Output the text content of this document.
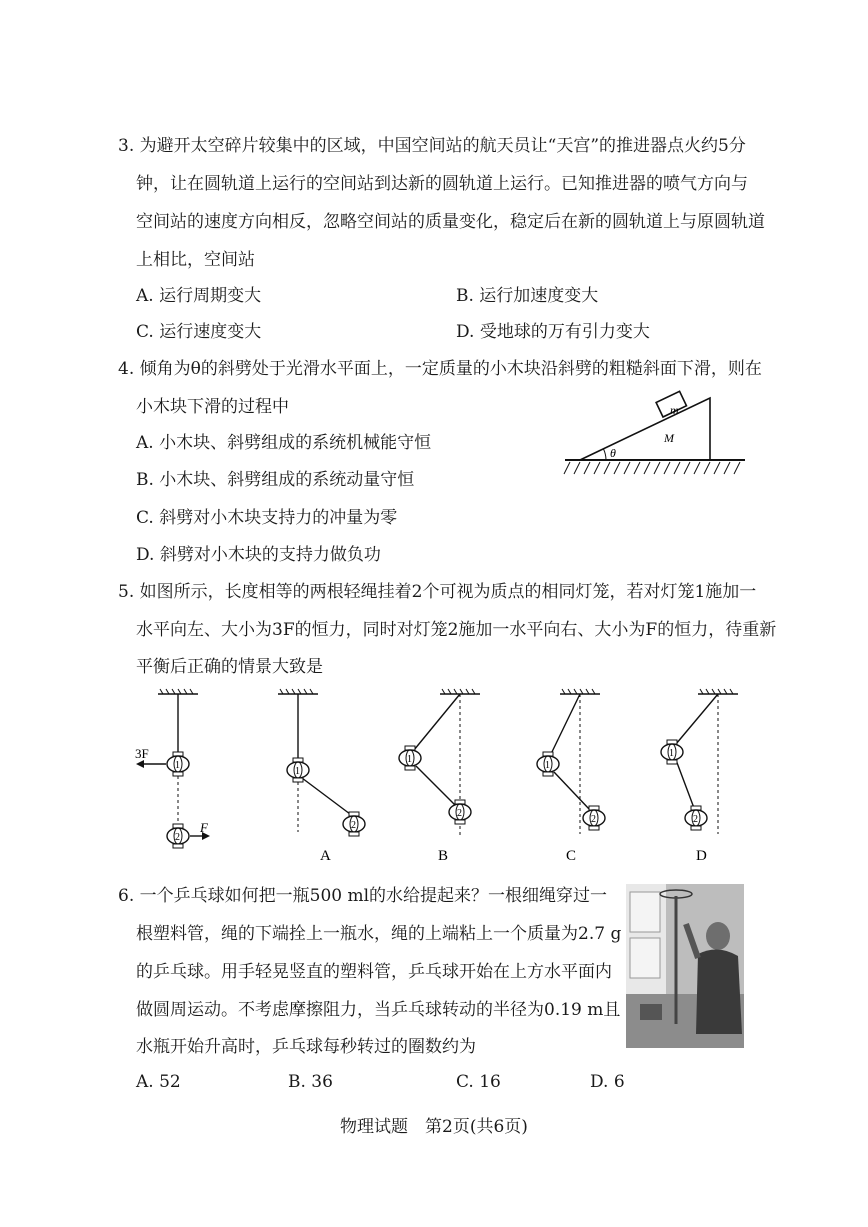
3. 为避开太空碎片较集中的区域，中国空间站的航天员让“天宫”的推进器点火约5分
钟，让在圆轨道上运行的空间站到达新的圆轨道上运行。已知推进器的喷气方向与
空间站的速度方向相反，忽略空间站的质量变化，稳定后在新的圆轨道上与原圆轨道
上相比，空间站
A. 运行周期变大	B. 运行加速度变大
C. 运行速度变大	D. 受地球的万有引力变大
4. 倾角为θ的斜劈处于光滑水平面上，一定质量的小木块沿斜劈的粗糙斜面下滑，则在
小木块下滑的过程中
A. 小木块、斜劈组成的系统机械能守恒
B. 小木块、斜劈组成的系统动量守恒
C. 斜劈对小木块支持力的冲量为零
D. 斜劈对小木块的支持力做负功
m
M
θ
5. 如图所示，长度相等的两根轻绳挂着2个可视为质点的相同灯笼，若对灯笼1施加一
水平向左、大小为3F的恒力，同时对灯笼2施加一水平向右、大小为F的恒力，待重新
平衡后正确的情景大致是
1
2
3F
F
1
2
A
1
2
B
1
2
C
1
2
D
6. 一个乒乓球如何把一瓶500 ml的水给提起来？一根细绳穿过一
根塑料管，绳的下端拴上一瓶水，绳的上端粘上一个质量为2.7 g
的乒乓球。用手轻晃竖直的塑料管，乒乓球开始在上方水平面内
做圆周运动。不考虑摩擦阻力，当乒乓球转动的半径为0.19 m且
水瓶开始升高时，乒乓球每秒转过的圈数约为
A. 52	B. 36	C. 16	D. 6
物理试题　第2页(共6页)
